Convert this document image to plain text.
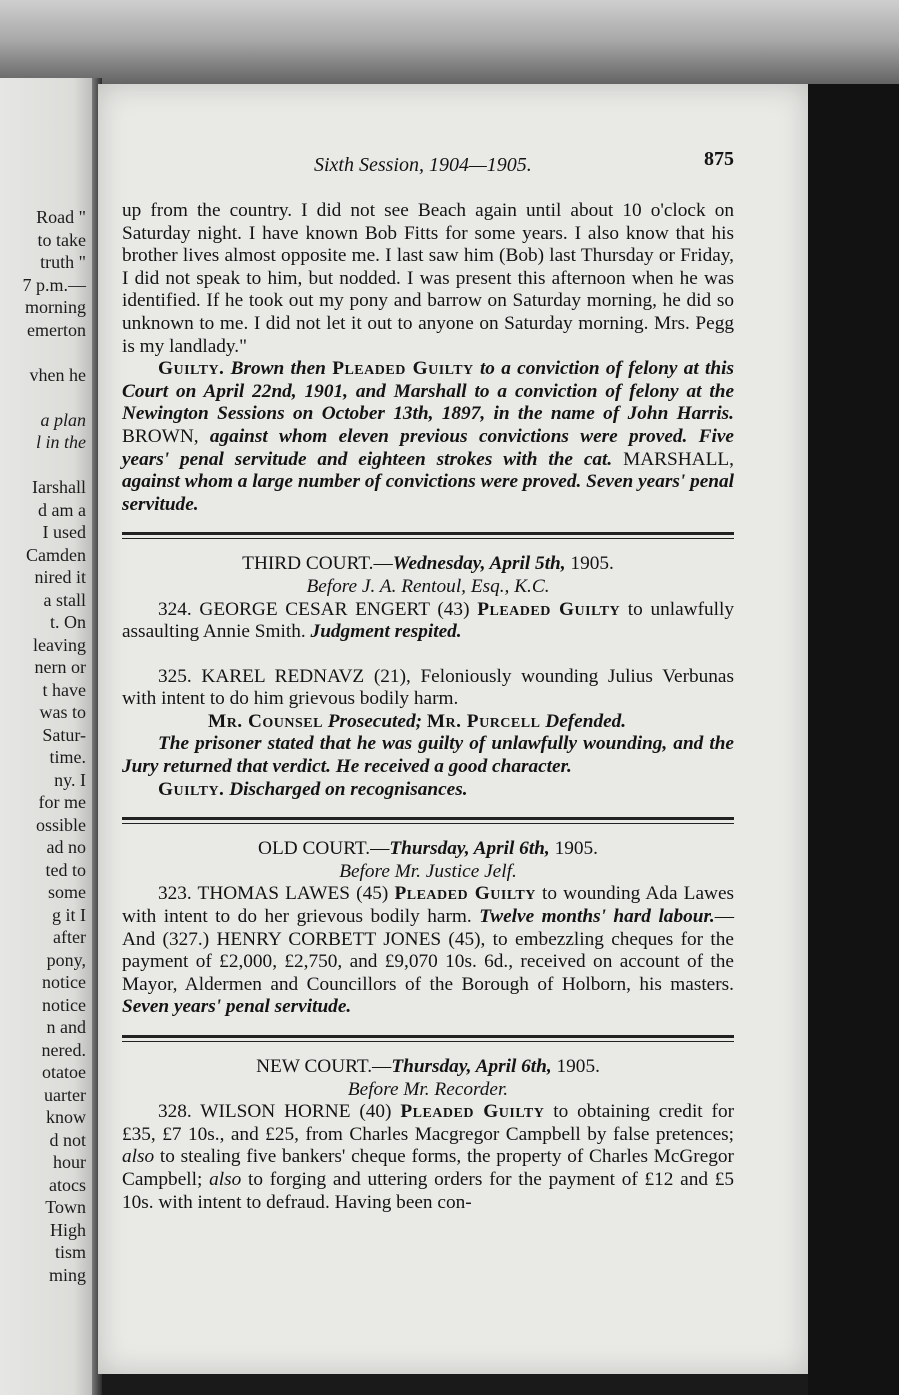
Road "
to take
truth "
7 p.m.—
morning
emerton
vhen he
a plan
l in the
Iarshall
d am a
I used
Camden
nired it
a stall
t. On
leaving
nern or
t have
was to
Satur-
time.
ny. I
for me
ossible
ad no
ted to
some
g it I
after
pony,
notice
notice
n and
nered.
otatoe
uarter
know
d not
hour
atocs
Town
High
tism
ming
Sixth Session, 1904—1905.	875

up from the country. I did not see Beach again until about 10 o'clock on Saturday night. I have known Bob Fitts for some years. I also know that his brother lives almost opposite me. I last saw him (Bob) last Thursday or Friday, I did not speak to him, but nodded. I was present this afternoon when he was identified. If he took out my pony and barrow on Saturday morning, he did so unknown to me. I did not let it out to anyone on Saturday morning. Mrs. Pegg is my landlady."

Guilty. Brown then Pleaded Guilty to a conviction of felony at this Court on April 22nd, 1901, and Marshall to a conviction of felony at the Newington Sessions on October 13th, 1897, in the name of John Harris. BROWN, against whom eleven previous convictions were proved. Five years' penal servitude and eighteen strokes with the cat. MARSHALL, against whom a large number of convictions were proved. Seven years' penal servitude.

THIRD COURT.—Wednesday, April 5th, 1905.

Before J. A. Rentoul, Esq., K.C.

324. GEORGE CESAR ENGERT (43) Pleaded Guilty to unlawfully assaulting Annie Smith. Judgment respited.

325. KAREL REDNAVZ (21), Feloniously wounding Julius Verbunas with intent to do him grievous bodily harm.

Mr. Counsel Prosecuted; Mr. Purcell Defended.

The prisoner stated that he was guilty of unlawfully wounding, and the Jury returned that verdict. He received a good character.

Guilty. Discharged on recognisances.

OLD COURT.—Thursday, April 6th, 1905.

Before Mr. Justice Jelf.

323. THOMAS LAWES (45) Pleaded Guilty to wounding Ada Lawes with intent to do her grievous bodily harm. Twelve months' hard labour.—And (327.) HENRY CORBETT JONES (45), to embezzling cheques for the payment of £2,000, £2,750, and £9,070 10s. 6d., received on account of the Mayor, Aldermen and Councillors of the Borough of Holborn, his masters. Seven years' penal servitude.

NEW COURT.—Thursday, April 6th, 1905.

Before Mr. Recorder.

328. WILSON HORNE (40) Pleaded Guilty to obtaining credit for £35, £7 10s., and £25, from Charles Macgregor Campbell by false pretences; also to stealing five bankers' cheque forms, the property of Charles McGregor Campbell; also to forging and uttering orders for the payment of £12 and £5 10s. with intent to defraud. Having been con-
